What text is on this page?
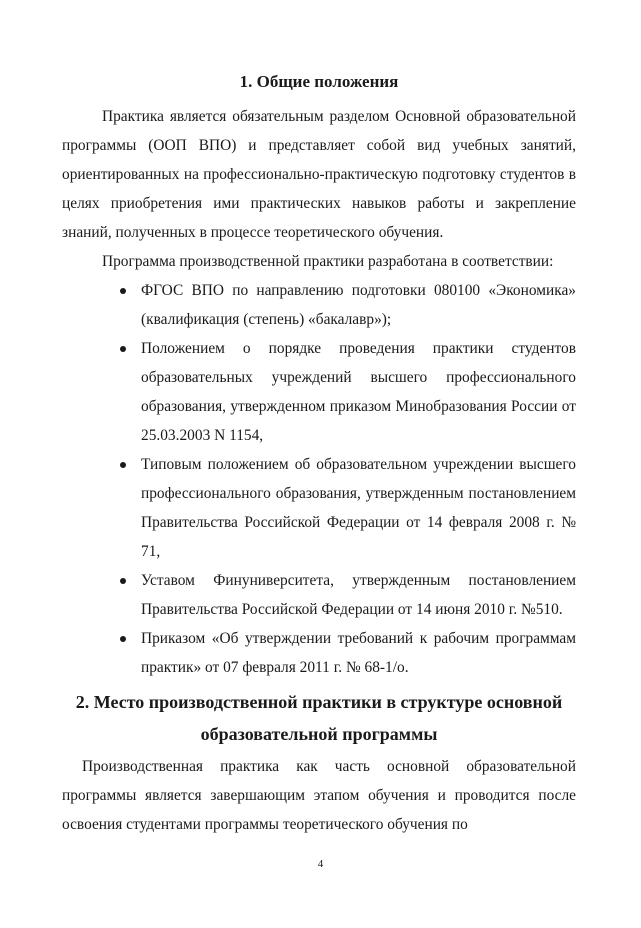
1. Общие положения

Практика является обязательным разделом Основной образовательной программы (ООП ВПО) и представляет собой вид учебных занятий, ориентированных на профессионально-практическую подготовку студентов в целях приобретения ими практических навыков работы и закрепление знаний, полученных в процессе теоретического обучения.

Программа производственной практики разработана в соответствии:

ФГОС ВПО по направлению подготовки 080100 «Экономика» (квалификация (степень) «бакалавр»);
Положением о порядке проведения практики студентов образовательных учреждений высшего профессионального образования, утвержденном приказом Минобразования России от 25.03.2003 N 1154,
Типовым положением об образовательном учреждении высшего профессионального образования, утвержденным постановлением Правительства Российской Федерации от 14 февраля 2008 г. № 71,
Уставом Финуниверситета, утвержденным постановлением Правительства Российской Федерации от 14 июня 2010 г. №510.
Приказом «Об утверждении требований к рабочим программам практик» от 07 февраля 2011 г. № 68-1/о.
2. Место производственной практики в структуре основной
образовательной программы

Производственная практика как часть основной образовательной программы является завершающим этапом обучения и проводится после освоения студентами программы теоретического обучения по

4
